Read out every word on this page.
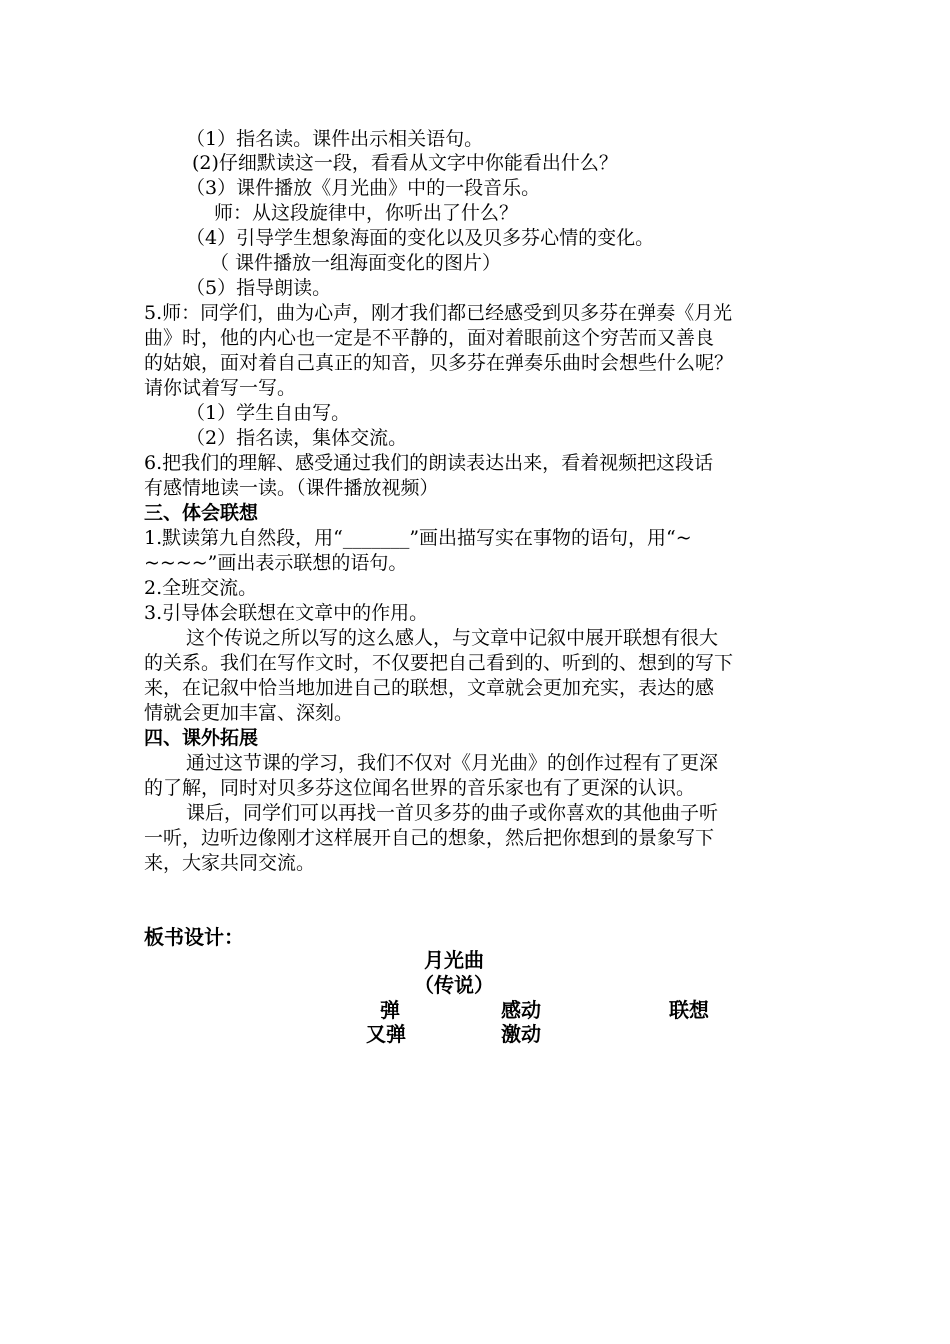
（1）指名读。课件出示相关语句。
(2)仔细默读这一段，看看从文字中你能看出什么？
（3）课件播放《月光曲》中的一段音乐。
师：从这段旋律中，你听出了什么？
（4）引导学生想象海面的变化以及贝多芬心情的变化。
（ 课件播放一组海面变化的图片）
（5）指导朗读。
5.师：同学们，曲为心声，刚才我们都已经感受到贝多芬在弹奏《月光
曲》时，他的内心也一定是不平静的，面对着眼前这个穷苦而又善良
的姑娘，面对着自己真正的知音，贝多芬在弹奏乐曲时会想些什么呢？
请你试着写一写。
（1）学生自由写。
（2）指名读，集体交流。
6.把我们的理解、感受通过我们的朗读表达出来，看着视频把这段话
有感情地读一读。（课件播放视频）
三、体会联想
1.默读第九自然段，用“_______”画出描写实在事物的语句，用“~
~~~~”画出表示联想的语句。
2.全班交流。
3.引导体会联想在文章中的作用。
这个传说之所以写的这么感人，与文章中记叙中展开联想有很大
的关系。我们在写作文时，不仅要把自己看到的、听到的、想到的写下
来，在记叙中恰当地加进自己的联想，文章就会更加充实，表达的感
情就会更加丰富、深刻。
四、课外拓展
通过这节课的学习，我们不仅对《月光曲》的创作过程有了更深
的了解，同时对贝多芬这位闻名世界的音乐家也有了更深的认识。
课后，同学们可以再找一首贝多芬的曲子或你喜欢的其他曲子听
一听，边听边像刚才这样展开自己的想象，然后把你想到的景象写下
来，大家共同交流。
板书设计：
月光曲
（传说）
弹
又弹
感动
激动
联想
